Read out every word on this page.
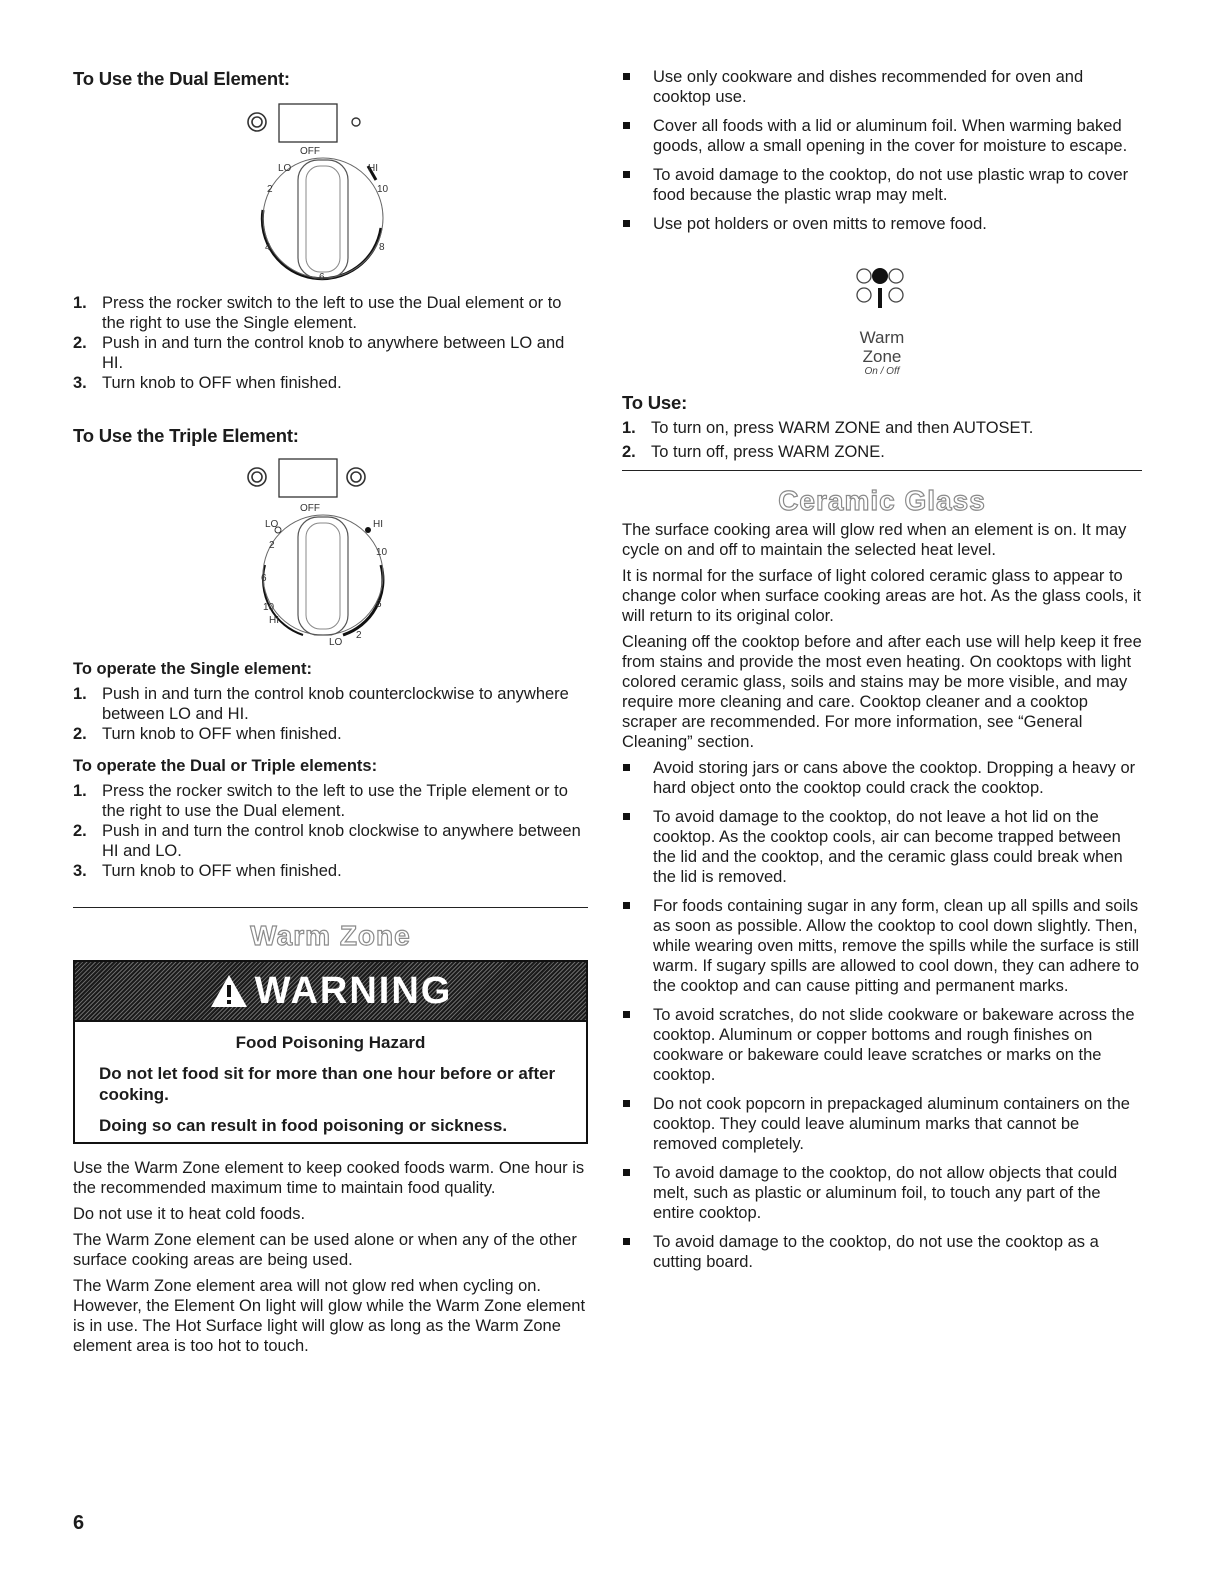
To Use the Dual Element:
OFF
LO	HI
2	10
4	8
6
1. Press the rocker switch to the left to use the Dual element or to the right to use the Single element.
2. Push in and turn the control knob to anywhere between LO and HI.
3. Turn knob to OFF when finished.
To Use the Triple Element:
OFF
LO	HI
2
10
6
10
HI
6
2
LO
To operate the Single element:
1. Push in and turn the control knob counterclockwise to anywhere between LO and HI.
2. Turn knob to OFF when finished.
To operate the Dual or Triple elements:
1. Press the rocker switch to the left to use the Triple element or to the right to use the Dual element.
2. Push in and turn the control knob clockwise to anywhere between HI and LO.
3. Turn knob to OFF when finished.
Warm Zone
WARNING
Food Poisoning Hazard
Do not let food sit for more than one hour before or after cooking.
Doing so can result in food poisoning or sickness.

Use the Warm Zone element to keep cooked foods warm. One hour is the recommended maximum time to maintain food quality.

Do not use it to heat cold foods.

The Warm Zone element can be used alone or when any of the other surface cooking areas are being used.

The Warm Zone element area will not glow red when cycling on. However, the Element On light will glow while the Warm Zone element is in use. The Hot Surface light will glow as long as the Warm Zone element area is too hot to touch.

6
Use only cookware and dishes recommended for oven and cooktop use.
Cover all foods with a lid or aluminum foil. When warming baked goods, allow a small opening in the cover for moisture to escape.
To avoid damage to the cooktop, do not use plastic wrap to cover food because the plastic wrap may melt.
Use pot holders or oven mitts to remove food.
Warm
Zone
On / Off
To Use:
1. To turn on, press WARM ZONE and then AUTOSET.
2. To turn off, press WARM ZONE.
Ceramic Glass

The surface cooking area will glow red when an element is on. It may cycle on and off to maintain the selected heat level.

It is normal for the surface of light colored ceramic glass to appear to change color when surface cooking areas are hot. As the glass cools, it will return to its original color.

Cleaning off the cooktop before and after each use will help keep it free from stains and provide the most even heating. On cooktops with light colored ceramic glass, soils and stains may be more visible, and may require more cleaning and care. Cooktop cleaner and a cooktop scraper are recommended. For more information, see “General Cleaning” section.

Avoid storing jars or cans above the cooktop. Dropping a heavy or hard object onto the cooktop could crack the cooktop.
To avoid damage to the cooktop, do not leave a hot lid on the cooktop. As the cooktop cools, air can become trapped between the lid and the cooktop, and the ceramic glass could break when the lid is removed.
For foods containing sugar in any form, clean up all spills and soils as soon as possible. Allow the cooktop to cool down slightly. Then, while wearing oven mitts, remove the spills while the surface is still warm. If sugary spills are allowed to cool down, they can adhere to the cooktop and can cause pitting and permanent marks.
To avoid scratches, do not slide cookware or bakeware across the cooktop. Aluminum or copper bottoms and rough finishes on cookware or bakeware could leave scratches or marks on the cooktop.
Do not cook popcorn in prepackaged aluminum containers on the cooktop. They could leave aluminum marks that cannot be removed completely.
To avoid damage to the cooktop, do not allow objects that could melt, such as plastic or aluminum foil, to touch any part of the entire cooktop.
To avoid damage to the cooktop, do not use the cooktop as a cutting board.
